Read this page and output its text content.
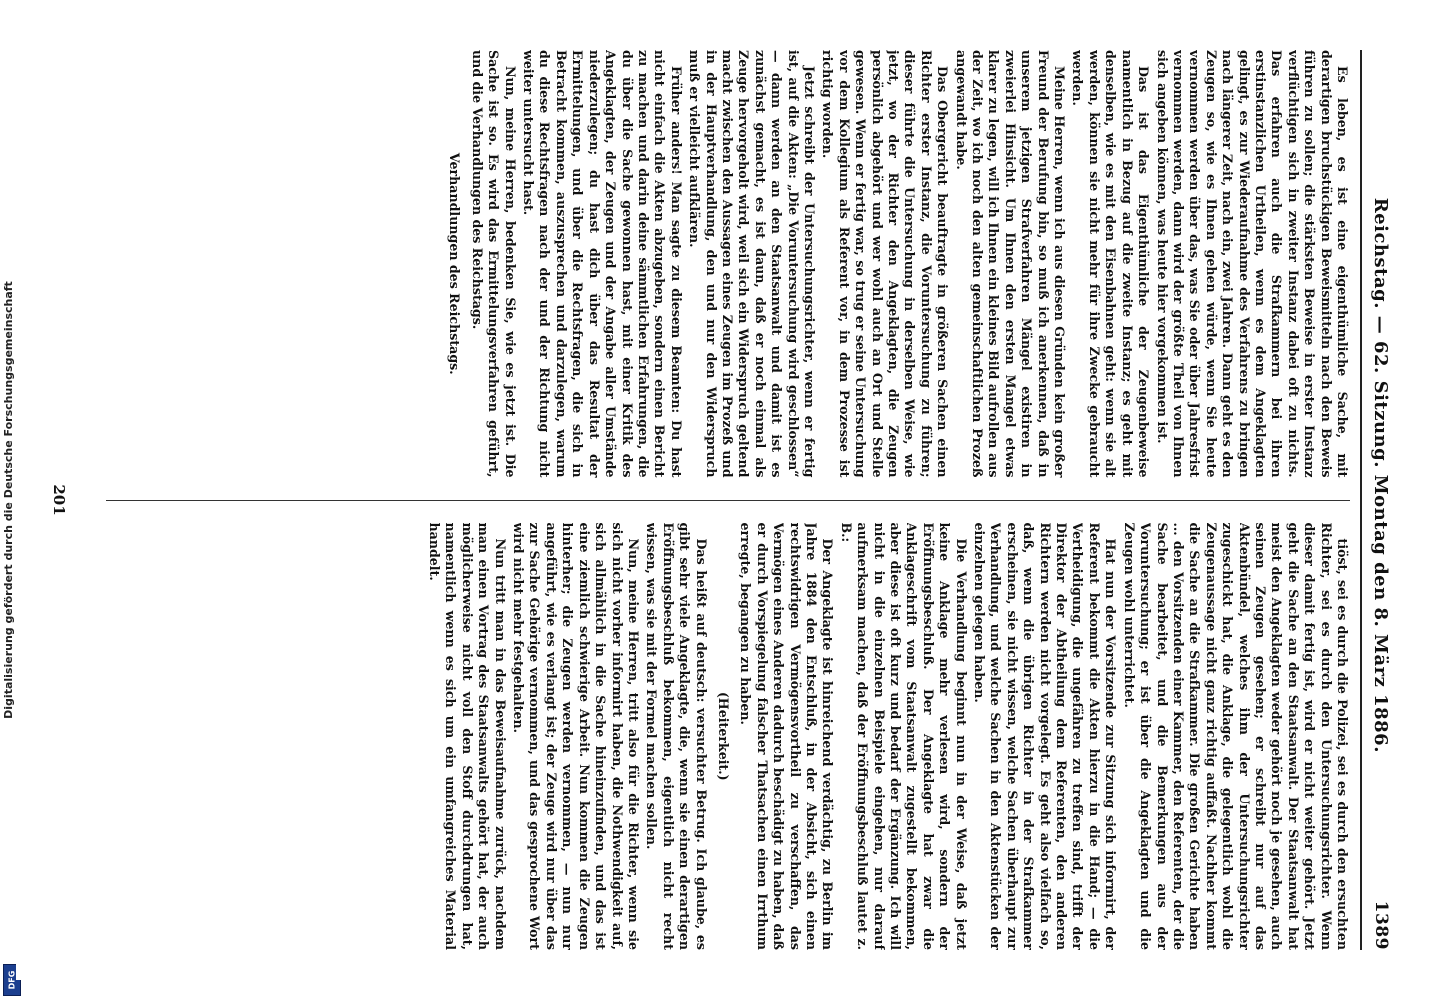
Digitalisierung gefördert durch die Deutsche Forschungsgemeinschaft
DFG
Reichstag. — 62. Sitzung. Montag den 8. März 1886.
1389

Es leben, es ist eine eigenthümliche Sache, mit derartigen bruchstückigen Beweismitteln nach den Beweis führen zu sollen; die stärksten Beweise in erster Instanz verflüchtigen sich in zweiter Instanz dabei oft zu nichts. Das erfahren auch die Strafkammern bei ihren erstinstanzlichen Urtheilen, wenn es dem Angeklagten gelingt, es zur Wiederaufnahme des Verfahrens zu bringen nach längerer Zeit, nach ein, zwei Jahren. Dann geht es den Zeugen so, wie es Ihnen gehen würde, wenn Sie heute vernommen werden über das, was Sie oder über Jahresfrist vernommen werden, dann wird der größte Theil von Ihnen sich angeben können, was heute hier vorgekommen ist.

Das ist das Eigenthümliche der Zeugenbeweise namentlich in Bezug auf die zweite Instanz; es geht mit denselben, wie es mit den Eisenbahnen geht: wenn sie alt werden, können sie nicht mehr für ihre Zwecke gebraucht werden.

Meine Herren, wenn ich aus diesen Gründen kein großer Freund der Berufung bin, so muß ich anerkennen, daß in unserem jetzigen Strafverfahren Mängel existiren in zweierlei Hinsicht. Um Ihnen den ersten Mangel etwas klarer zu legen, will ich Ihnen ein kleines Bild aufrollen aus der Zeit, wo ich noch den alten gemeinschaftlichen Prozeß angewandt habe.

Das Obergericht beauftragte in größeren Sachen einen Richter erster Instanz, die Voruntersuchung zu führen; dieser führte die Untersuchung in derselben Weise, wie jetzt, wo der Richter den Angeklagten, die Zeugen persönlich abgehört und wer wohl auch an Ort und Stelle gewesen. Wenn er fertig war, so trug er seine Untersuchung vor dem Kollegium als Referent vor, in dem Prozesse ist richtig worden.

Jetzt schreibt der Untersuchungsrichter, wenn er fertig ist, auf die Akten: „Die Voruntersuchung wird geschlossen“ — dann werden an den Staatsanwalt und damit ist es zunächst gemacht, es ist daun, daß er noch einmal als Zeuge hervorgeholt wird, weil sich ein Widerspruch geltend macht zwischen den Aussagen eines Zeugen im Prozeß und in der Hauptverhandlung, den und nur den Widerspruch muß er vielleicht aufklären.

Früher anders! Man sagte zu diesem Beamten: Du hast nicht einfach die Akten abzugeben, sondern einen Bericht zu machen und darin deine sämmtlichen Erfahrungen, die du über die Sache gewonnen hast, mit einer Kritik des Angeklagten, der Zeugen und der Angabe aller Umstände niederzulegen; du hast dich über das Resultat der Ermittelungen, und über die Rechtsfragen, die sich in Betracht kommen, auszusprechen und darzulegen, warum du diese Rechtsfragen nach der und der Richtung nicht weiter untersucht hast.

Nun, meine Herren, bedenken Sie, wie es jetzt ist. Die Sache ist so. Es wird das Ermittelungsverfahren geführt, und die Verhandlungen des Reichstags.

Verhandlungen des Reichstags.

tiöst, sei es durch die Polizei, sei es durch den ersuchten Richter, sei es durch den Untersuchungsrichter. Wenn dieser damit fertig ist, wird er nicht weiter gehört. Jetzt geht die Sache an den Staatsanwalt. Der Staatsanwalt hat meist den Angeklagten weder gehört noch je gesehen, auch seinen Zeugen gesehen; er schreibt nur auf das Aktenbündel, welches ihm der Untersuchungsrichter zugeschickt hat, die Anklage, die gelegentlich wohl die Zeugenaussage nicht ganz richtig auffaßt. Nachher kommt die Sache an die Strafkammer. Die großen Gerichte haben ... den Vorsitzenden einer Kammer, den Referenten, der die Sache bearbeitet, und die Bemerkungen aus der Voruntersuchung; er ist über die Angeklagten und die Zeugen wohl unterrichtet.

Hat nun der Vorsitzende zur Sitzung sich informirt, der Referent bekommt die Akten hierzu in die Hand; — die Vertheidigung, die ungefähren zu treffen sind, trifft der Direktor der Abtheilung dem Referenten, den anderen Richtern werden nicht vorgelegt. Es geht also vielfach so, daß, wenn die übrigen Richter in der Strafkammer erscheinen, sie nicht wissen, welche Sachen überhaupt zur Verhandlung, und welche Sachen in den Aktenstücken der einzelnen gelegen haben.

Die Verhandlung beginnt nun in der Weise, daß jetzt keine Anklage mehr verlesen wird, sondern der Eröffnungsbeschluß. Der Angeklagte hat zwar die Anklageschrift vom Staatsanwalt zugestellt bekommen, aber diese ist oft kurz und bedarf der Ergänzung. Ich will nicht in die einzelnen Beispiele eingehen, nur darauf aufmerksam machen, daß der Eröffnungsbeschluß lautet z. B.:

Der Angeklagte ist hinreichend verdächtig, zu Berlin im Jahre 1884 den Entschluß, in der Absicht, sich einen rechtswidrigen Vermögensvortheil zu verschaffen, das Vermögen eines Anderen dadurch beschädigt zu haben, daß er durch Vorspiegelung falscher Thatsachen einen Irrthum erregte, begangen zu haben.

(Heiterkeit.)

Das heißt auf deutsch: versuchter Betrug. Ich glaube, es gibt sehr viele Angeklagte, die, wenn sie einen derartigen Eröffnungsbeschluß bekommen, eigentlich nicht recht wissen, was sie mit der Formel machen sollen.

Nun, meine Herren, tritt also für die Richter, wenn sie sich nicht vorher informirt haben, die Nothwendigkeit auf, sich allmählich in die Sache hineinzufinden, und das ist eine ziemlich schwierige Arbeit. Nun kommen die Zeugen hinterher; die Zeugen werden vernommen, — nun nur angeführt, wie es verlangt ist; der Zeuge wird nur über das zur Sache Gehörige vernommen, und das gesprochene Wort wird nicht mehr festgehalten.

Nun tritt man in das Beweisaufnahme zurück, nachdem man einen Vortrag des Staatsanwalts gehört hat, der auch möglicherweise nicht voll den Stoff durchdrungen hat, namentlich wenn es sich um ein umfangreiches Material handelt.

201
